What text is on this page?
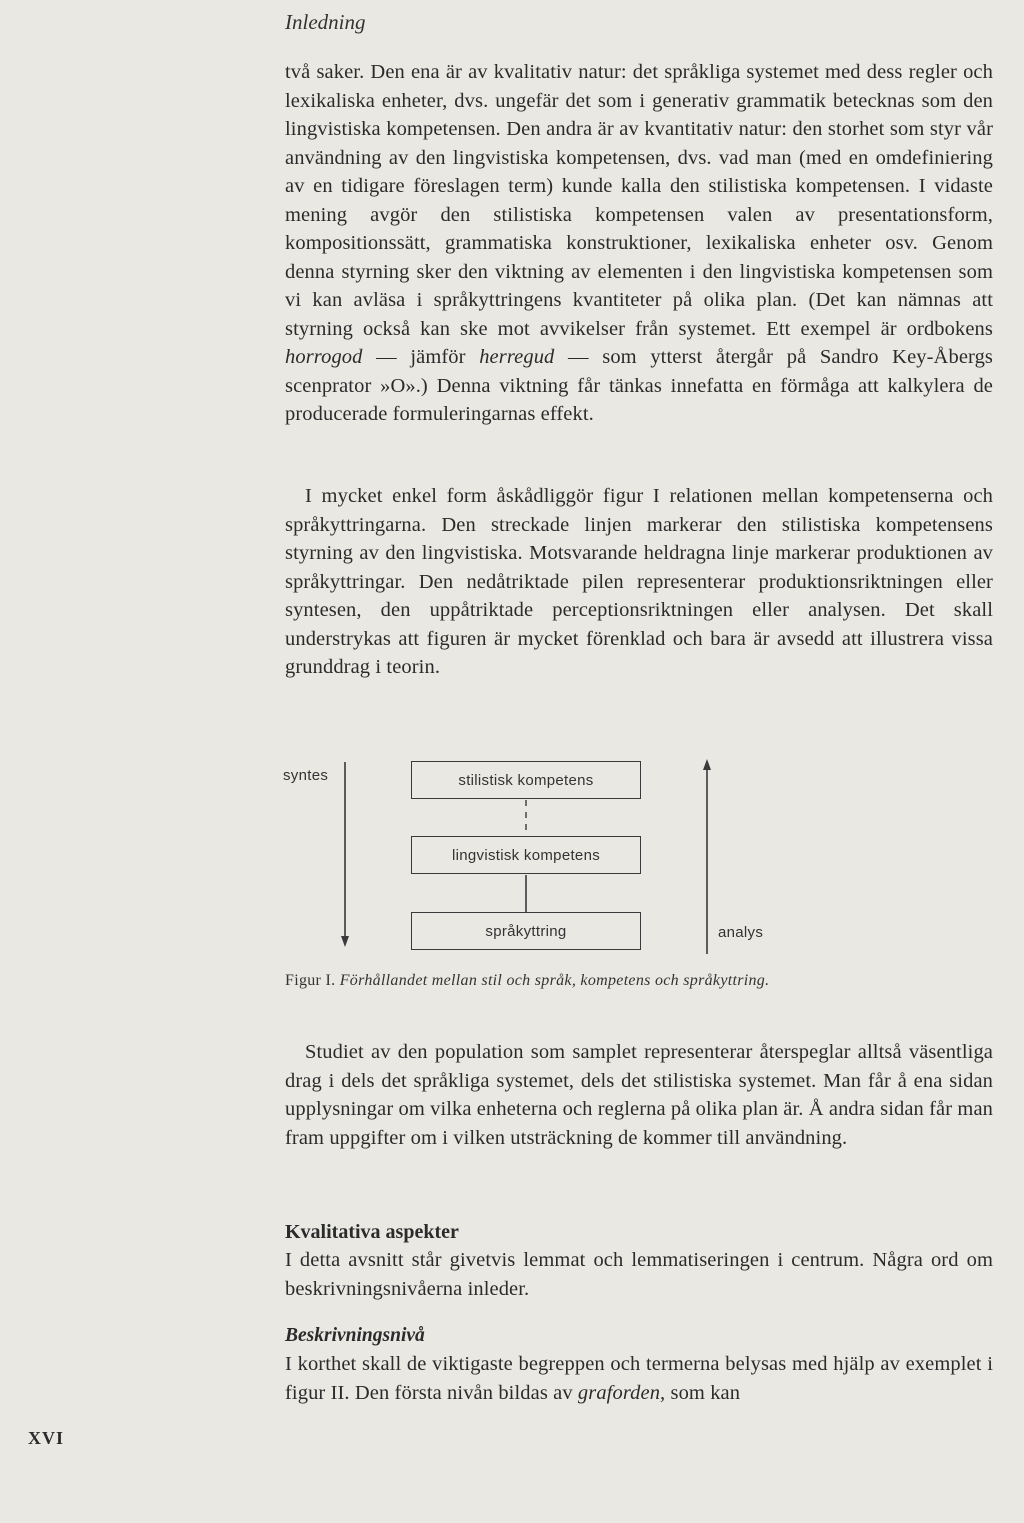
Inledning

två saker. Den ena är av kvalitativ natur: det språkliga systemet med dess regler och lexikaliska enheter, dvs. ungefär det som i generativ grammatik betecknas som den lingvistiska kompetensen. Den andra är av kvantitativ natur: den storhet som styr vår användning av den lingvistiska kompetensen, dvs. vad man (med en omdefiniering av en tidigare föreslagen term) kunde kalla den stilistiska kompetensen. I vidaste mening avgör den stilistiska kompetensen valen av presentationsform, kompositionssätt, grammatiska konstruktioner, lexikaliska enheter osv. Genom denna styrning sker den viktning av elementen i den lingvistiska kompetensen som vi kan avläsa i språkyttringens kvantiteter på olika plan. (Det kan nämnas att styrning också kan ske mot avvikelser från systemet. Ett exempel är ordbokens horrogod — jämför herregud — som ytterst återgår på Sandro Key-Åbergs scenprator »O».) Denna viktning får tänkas innefatta en förmåga att kalkylera de producerade formuleringarnas effekt.

I mycket enkel form åskådliggör figur I relationen mellan kompetenserna och språkyttringarna. Den streckade linjen markerar den stilistiska kompetensens styrning av den lingvistiska. Motsvarande heldragna linje markerar produktionen av språkyttringar. Den nedåtriktade pilen representerar produktionsriktningen eller syntesen, den uppåtriktade perceptionsriktningen eller analysen. Det skall understrykas att figuren är mycket förenklad och bara är avsedd att illustrera vissa grunddrag i teorin.

syntes	stilistisk kompetens
lingvistisk kompetens
språkyttring	analys
Figur I. Förhållandet mellan stil och språk, kompetens och språkyttring.

Studiet av den population som samplet representerar återspeglar alltså väsentliga drag i dels det språkliga systemet, dels det stilistiska systemet. Man får å ena sidan upplysningar om vilka enheterna och reglerna på olika plan är. Å andra sidan får man fram uppgifter om i vilken utsträckning de kommer till användning.

Kvalitativa aspekter

I detta avsnitt står givetvis lemmat och lemmatiseringen i centrum. Några ord om beskrivningsnivåerna inleder.

Beskrivningsnivå

I korthet skall de viktigaste begreppen och termerna belysas med hjälp av exemplet i figur II. Den första nivån bildas av graforden, som kan

XVI
